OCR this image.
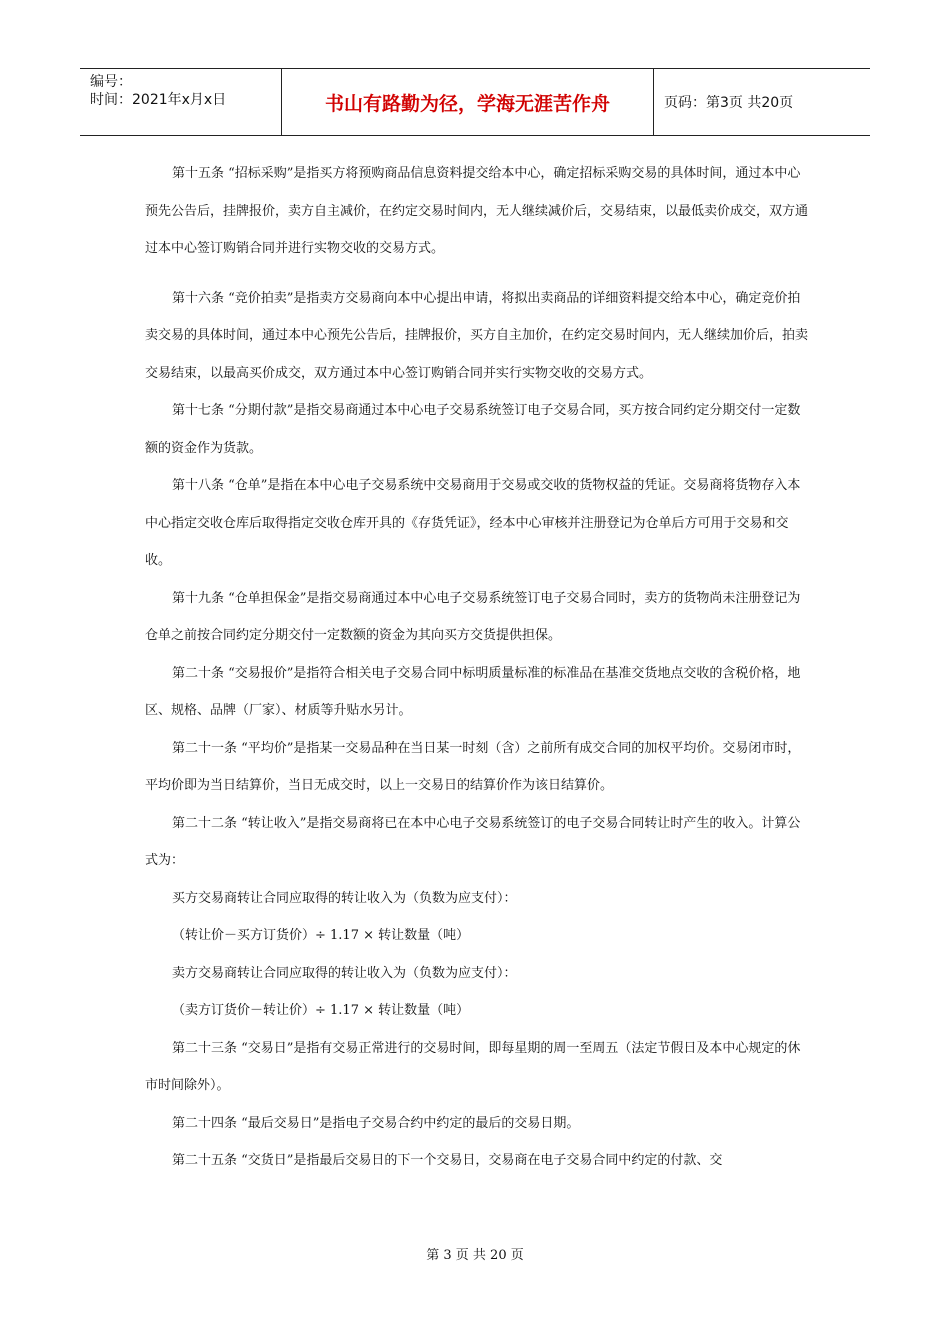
编号：
时间：2021年x月x日	书山有路勤为径，学海无涯苦作舟	页码：第3页 共20页

第十五条 “招标采购”是指买方将预购商品信息资料提交给本中心，确定招标采购交易的具体时间，通过本中心预先公告后，挂牌报价，卖方自主减价，在约定交易时间内，无人继续减价后，交易结束，以最低卖价成交，双方通过本中心签订购销合同并进行实物交收的交易方式。

第十六条 “竞价拍卖”是指卖方交易商向本中心提出申请，将拟出卖商品的详细资料提交给本中心，确定竞价拍卖交易的具体时间，通过本中心预先公告后，挂牌报价，买方自主加价，在约定交易时间内，无人继续加价后，拍卖交易结束，以最高买价成交，双方通过本中心签订购销合同并实行实物交收的交易方式。

第十七条 “分期付款”是指交易商通过本中心电子交易系统签订电子交易合同，买方按合同约定分期交付一定数额的资金作为货款。

第十八条 “仓单”是指在本中心电子交易系统中交易商用于交易或交收的货物权益的凭证。交易商将货物存入本中心指定交收仓库后取得指定交收仓库开具的《存货凭证》，经本中心审核并注册登记为仓单后方可用于交易和交收。

第十九条 “仓单担保金”是指交易商通过本中心电子交易系统签订电子交易合同时，卖方的货物尚未注册登记为仓单之前按合同约定分期交付一定数额的资金为其向买方交货提供担保。

第二十条 “交易报价”是指符合相关电子交易合同中标明质量标准的标准品在基准交货地点交收的含税价格，地区、规格、品牌（厂家）、材质等升贴水另计。

第二十一条 “平均价”是指某一交易品种在当日某一时刻（含）之前所有成交合同的加权平均价。交易闭市时，平均价即为当日结算价，当日无成交时，以上一交易日的结算价作为该日结算价。

第二十二条 “转让收入”是指交易商将已在本中心电子交易系统签订的电子交易合同转让时产生的收入。计算公式为：

买方交易商转让合同应取得的转让收入为（负数为应支付）：

（转让价－买方订货价）÷ 1.17 × 转让数量（吨）

卖方交易商转让合同应取得的转让收入为（负数为应支付）：

（卖方订货价－转让价）÷ 1.17 × 转让数量（吨）

第二十三条 “交易日”是指有交易正常进行的交易时间，即每星期的周一至周五（法定节假日及本中心规定的休市时间除外）。

第二十四条 “最后交易日”是指电子交易合约中约定的最后的交易日期。

第二十五条 “交货日”是指最后交易日的下一个交易日，交易商在电子交易合同中约定的付款、交

第 3 页 共 20 页
